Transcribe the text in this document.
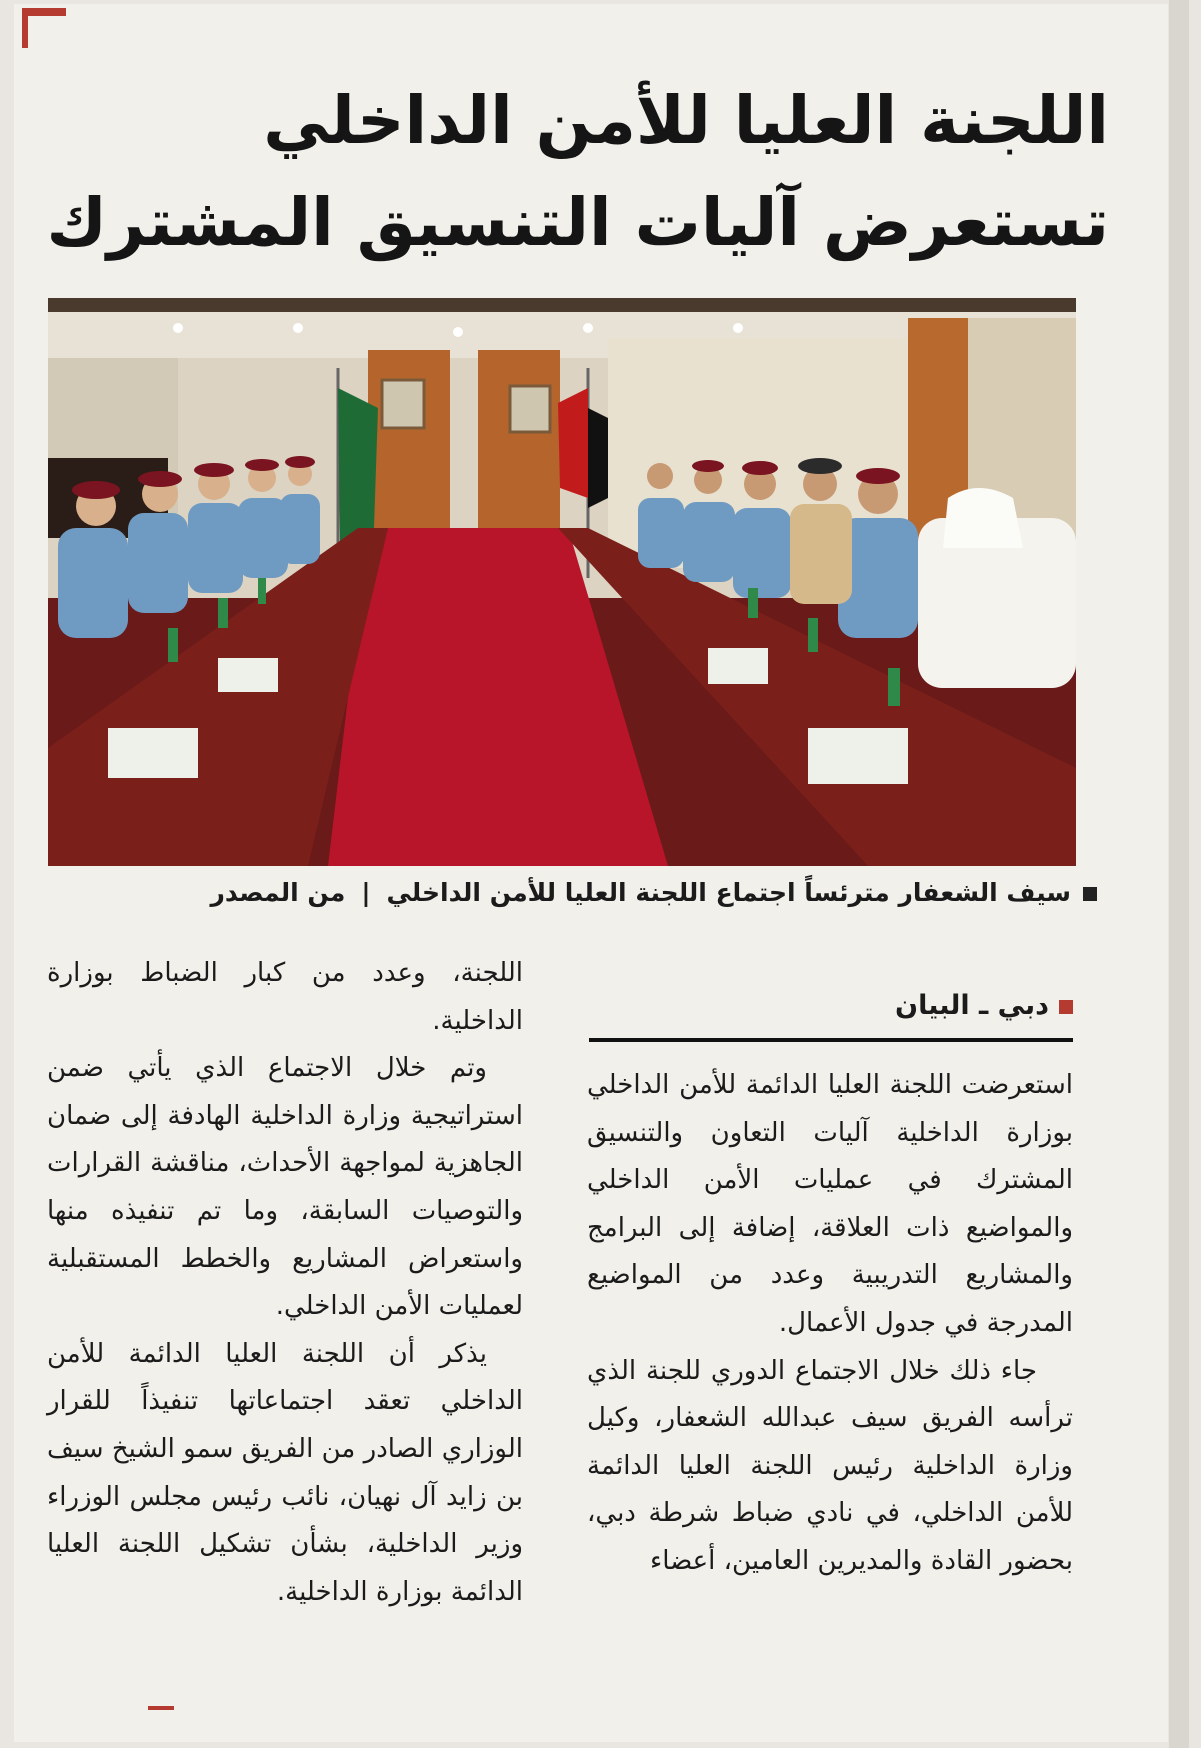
اللجنة العليا للأمن الداخلي
تستعرض آليات التنسيق المشترك
سيف الشعفار مترئساً اجتماع اللجنة العليا للأمن الداخلي|من المصدر
دبي ـ البيان

استعرضت اللجنة العليا الدائمة للأمن الداخلي بوزارة الداخلية آليات التعاون والتنسيق المشترك في عمليات الأمن الداخلي والمواضيع ذات العلاقة، إضافة إلى البرامج والمشاريع التدريبية وعدد من المواضيع المدرجة في جدول الأعمال.

جاء ذلك خلال الاجتماع الدوري للجنة الذي ترأسه الفريق سيف عبدالله الشعفار، وكيل وزارة الداخلية رئيس اللجنة العليا الدائمة للأمن الداخلي، في نادي ضباط شرطة دبي، بحضور القادة والمديرين العامين، أعضاء

اللجنة، وعدد من كبار الضباط بوزارة الداخلية.

وتم خلال الاجتماع الذي يأتي ضمن استراتيجية وزارة الداخلية الهادفة إلى ضمان الجاهزية لمواجهة الأحداث، مناقشة القرارات والتوصيات السابقة، وما تم تنفيذه منها واستعراض المشاريع والخطط المستقبلية لعمليات الأمن الداخلي.

يذكر أن اللجنة العليا الدائمة للأمن الداخلي تعقد اجتماعاتها تنفيذاً للقرار الوزاري الصادر من الفريق سمو الشيخ سيف بن زايد آل نهيان، نائب رئيس مجلس الوزراء وزير الداخلية، بشأن تشكيل اللجنة العليا الدائمة بوزارة الداخلية.
